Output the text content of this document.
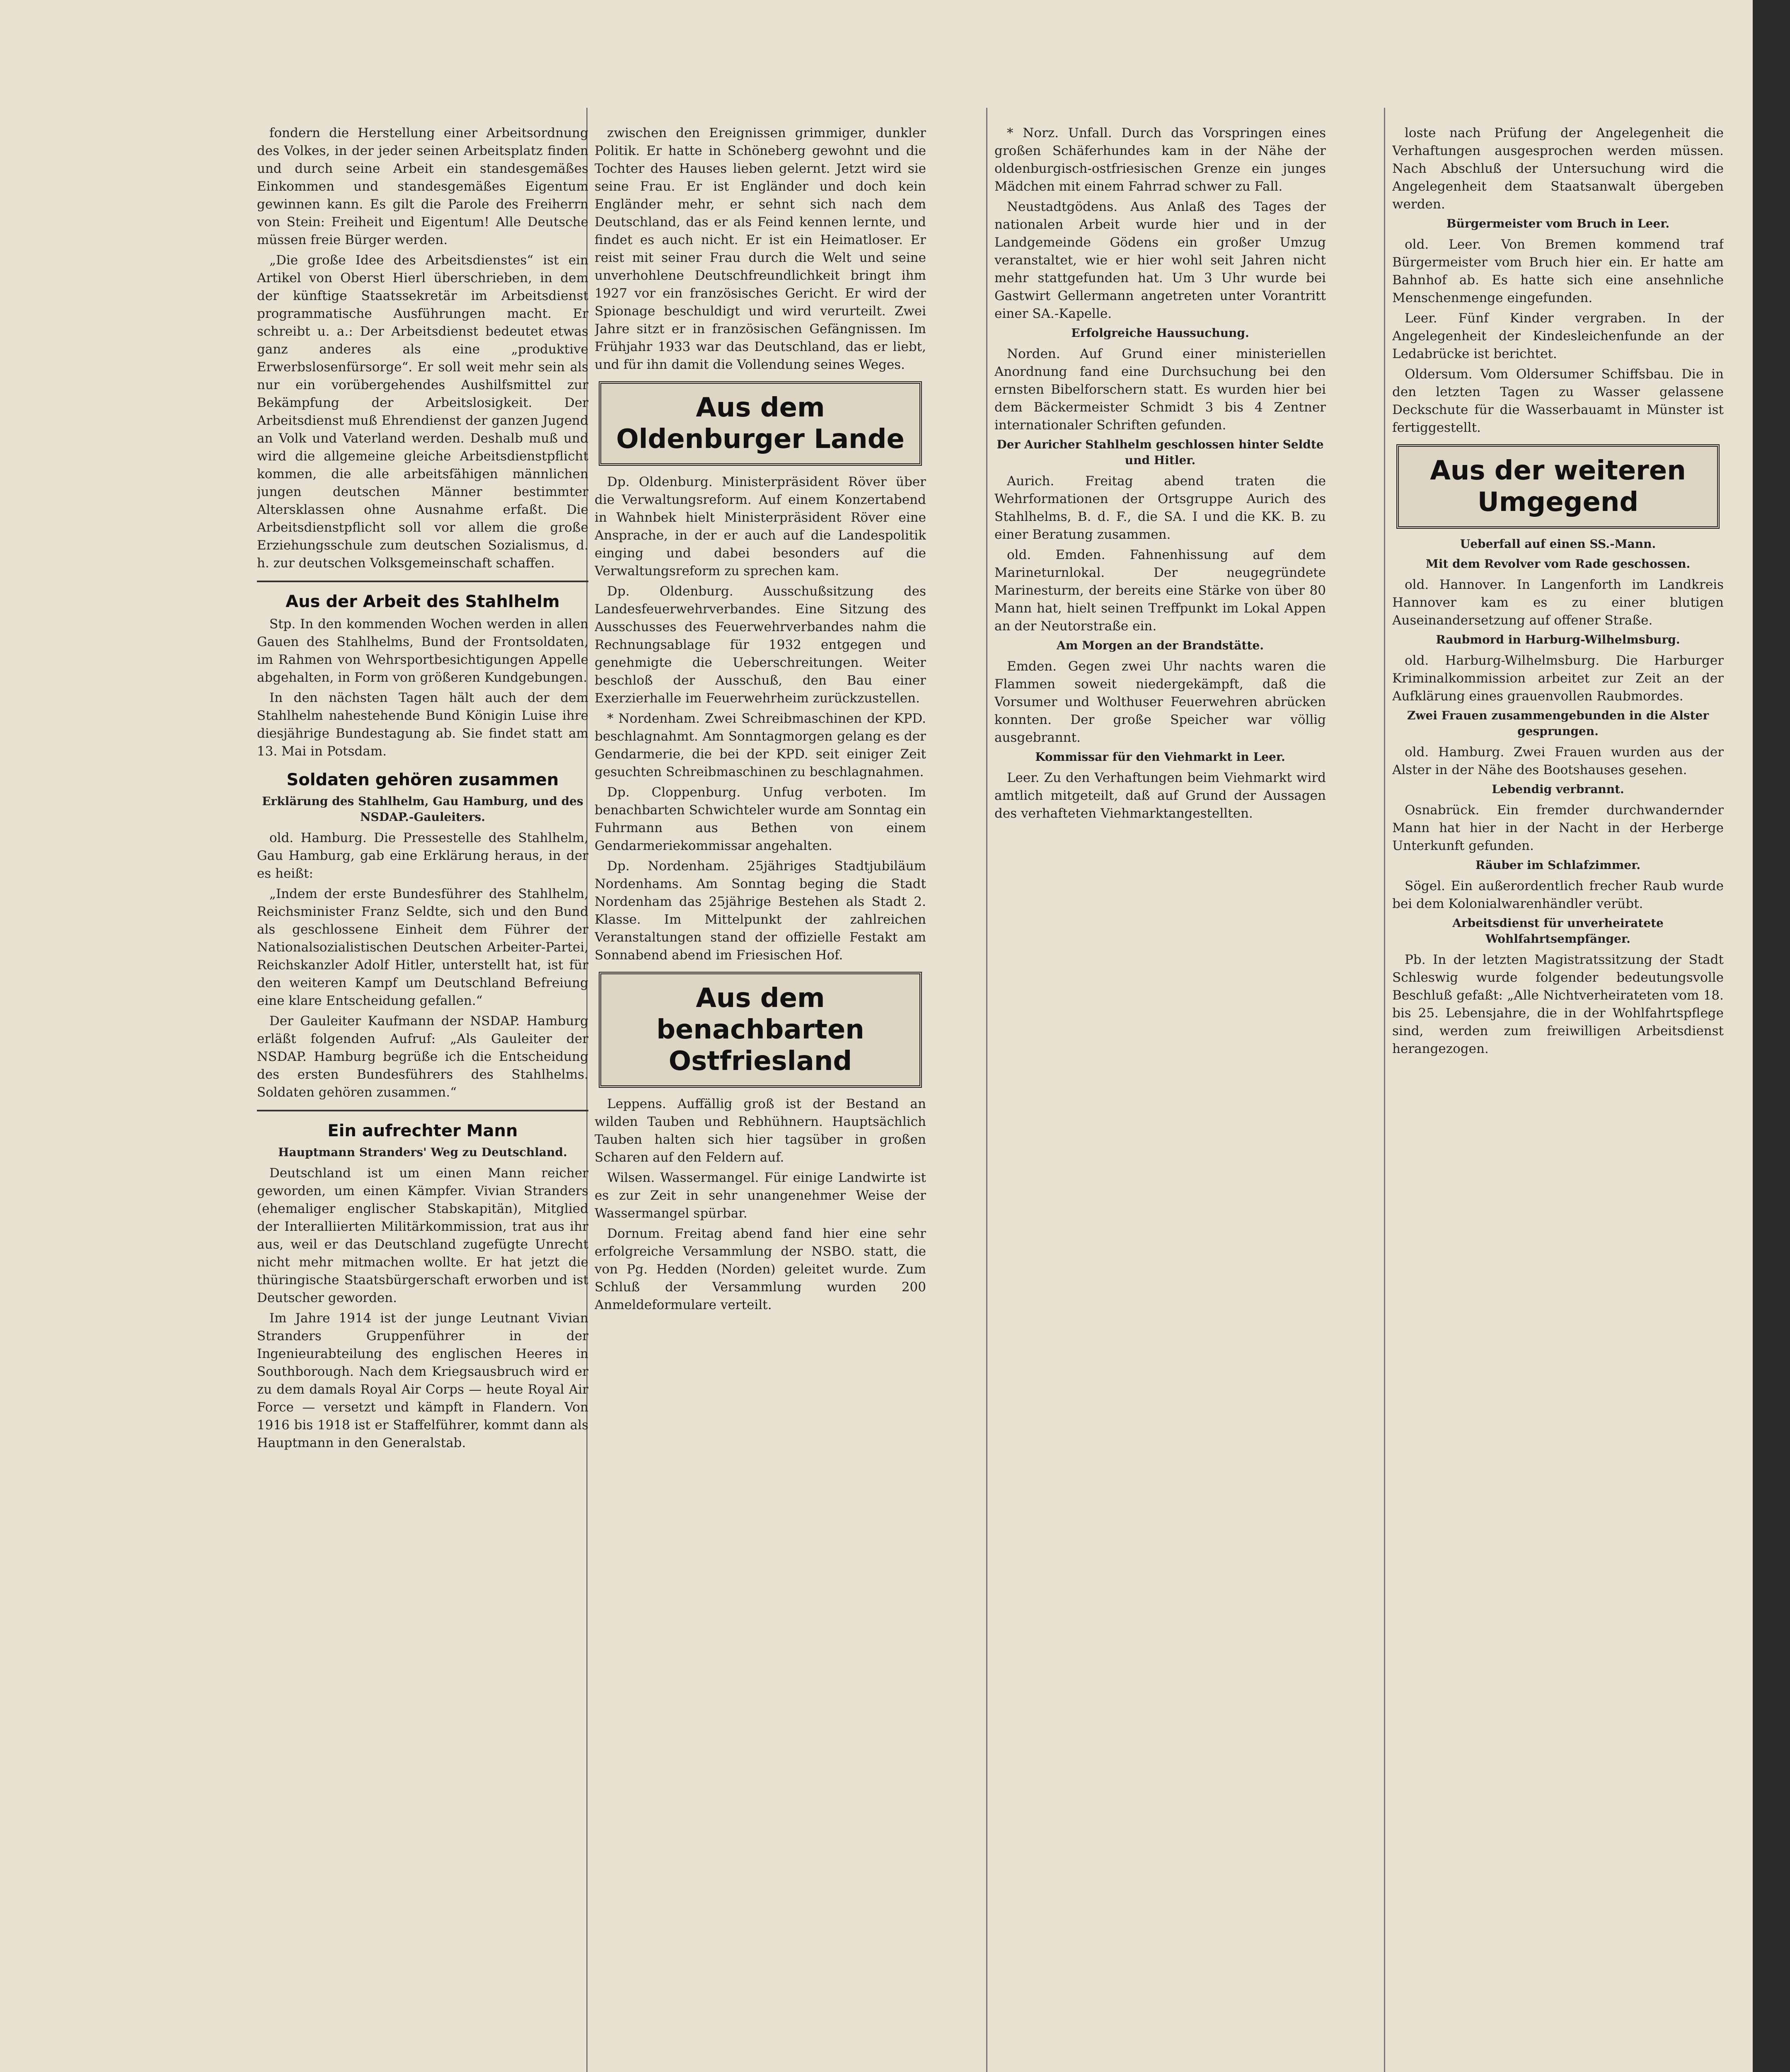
fondern die Herstellung einer Arbeitsordnung des Volkes, in der jeder seinen Arbeitsplatz finden und durch seine Arbeit ein standesgemäßes Einkommen und standesgemäßes Eigentum gewinnen kann. Es gilt die Parole des Freiherrn von Stein: Freiheit und Eigentum! Alle Deutsche müssen freie Bürger werden.

„Die große Idee des Arbeitsdienstes“ ist ein Artikel von Oberst Hierl überschrieben, in dem der künftige Staatssekretär im Arbeitsdienst programmatische Ausführungen macht. Er schreibt u. a.: Der Arbeitsdienst bedeutet etwas ganz anderes als eine „produktive Erwerbslosenfürsorge“. Er soll weit mehr sein als nur ein vorübergehendes Aushilfsmittel zur Bekämpfung der Arbeitslosigkeit. Der Arbeitsdienst muß Ehrendienst der ganzen Jugend an Volk und Vaterland werden. Deshalb muß und wird die allgemeine gleiche Arbeitsdienstpflicht kommen, die alle arbeitsfähigen männlichen jungen deutschen Männer bestimmter Altersklassen ohne Ausnahme erfaßt. Die Arbeitsdienstpflicht soll vor allem die große Erziehungsschule zum deutschen Sozialismus, d. h. zur deutschen Volksgemeinschaft schaffen.

Aus der Arbeit des Stahlhelm

Stp. In den kommenden Wochen werden in allen Gauen des Stahlhelms, Bund der Frontsoldaten, im Rahmen von Wehrsportbesichtigungen Appelle abgehalten, in Form von größeren Kundgebungen.

In den nächsten Tagen hält auch der dem Stahlhelm nahestehende Bund Königin Luise ihre diesjährige Bundestagung ab. Sie findet statt am 13. Mai in Potsdam.

Soldaten gehören zusammen
Erklärung des Stahlhelm, Gau Hamburg, und des NSDAP.-Gauleiters.

old. Hamburg. Die Pressestelle des Stahlhelm, Gau Hamburg, gab eine Erklärung heraus, in der es heißt:

„Indem der erste Bundesführer des Stahlhelm, Reichsminister Franz Seldte, sich und den Bund als geschlossene Einheit dem Führer der Nationalsozialistischen Deutschen Arbeiter-Partei, Reichskanzler Adolf Hitler, unterstellt hat, ist für den weiteren Kampf um Deutschland Befreiung eine klare Entscheidung gefallen.“

Der Gauleiter Kaufmann der NSDAP. Hamburg erläßt folgenden Aufruf: „Als Gauleiter der NSDAP. Hamburg begrüße ich die Entscheidung des ersten Bundesführers des Stahlhelms. Soldaten gehören zusammen.“

Ein aufrechter Mann
Hauptmann Stranders' Weg zu Deutschland.

Deutschland ist um einen Mann reicher geworden, um einen Kämpfer. Vivian Stranders (ehemaliger englischer Stabskapitän), Mitglied der Interalliierten Militärkommission, trat aus ihr aus, weil er das Deutschland zugefügte Unrecht nicht mehr mitmachen wollte. Er hat jetzt die thüringische Staatsbürgerschaft erworben und ist Deutscher geworden.

Im Jahre 1914 ist der junge Leutnant Vivian Stranders Gruppenführer in der Ingenieurabteilung des englischen Heeres in Southborough. Nach dem Kriegsausbruch wird er zu dem damals Royal Air Corps — heute Royal Air Force — versetzt und kämpft in Flandern. Von 1916 bis 1918 ist er Staffelführer, kommt dann als Hauptmann in den Generalstab.

zwischen den Ereignissen grimmiger, dunkler Politik. Er hatte in Schöneberg gewohnt und die Tochter des Hauses lieben gelernt. Jetzt wird sie seine Frau. Er ist Engländer und doch kein Engländer mehr, er sehnt sich nach dem Deutschland, das er als Feind kennen lernte, und findet es auch nicht. Er ist ein Heimatloser. Er reist mit seiner Frau durch die Welt und seine unverhohlene Deutschfreundlichkeit bringt ihm 1927 vor ein französisches Gericht. Er wird der Spionage beschuldigt und wird verurteilt. Zwei Jahre sitzt er in französischen Gefängnissen. Im Frühjahr 1933 war das Deutschland, das er liebt, und für ihn damit die Vollendung seines Weges.

Aus dem Oldenburger Lande

Dp. Oldenburg. Ministerpräsident Röver über die Verwaltungsreform. Auf einem Konzertabend in Wahnbek hielt Ministerpräsident Röver eine Ansprache, in der er auch auf die Landespolitik einging und dabei besonders auf die Verwaltungsreform zu sprechen kam.

Dp. Oldenburg. Ausschußsitzung des Landesfeuerwehrverbandes. Eine Sitzung des Ausschusses des Feuerwehrverbandes nahm die Rechnungsablage für 1932 entgegen und genehmigte die Ueberschreitungen. Weiter beschloß der Ausschuß, den Bau einer Exerzierhalle im Feuerwehrheim zurückzustellen.

* Nordenham. Zwei Schreibmaschinen der KPD. beschlagnahmt. Am Sonntagmorgen gelang es der Gendarmerie, die bei der KPD. seit einiger Zeit gesuchten Schreibmaschinen zu beschlagnahmen.

Dp. Cloppenburg. Unfug verboten. Im benachbarten Schwichteler wurde am Sonntag ein Fuhrmann aus Bethen von einem Gendarmeriekommissar angehalten.

Dp. Nordenham. 25jähriges Stadtjubiläum Nordenhams. Am Sonntag beging die Stadt Nordenham das 25jährige Bestehen als Stadt 2. Klasse. Im Mittelpunkt der zahlreichen Veranstaltungen stand der offizielle Festakt am Sonnabend abend im Friesischen Hof.

Aus dem benachbarten Ostfriesland

Leppens. Auffällig groß ist der Bestand an wilden Tauben und Rebhühnern. Hauptsächlich Tauben halten sich hier tagsüber in großen Scharen auf den Feldern auf.

Wilsen. Wassermangel. Für einige Landwirte ist es zur Zeit in sehr unangenehmer Weise der Wassermangel spürbar.

Dornum. Freitag abend fand hier eine sehr erfolgreiche Versammlung der NSBO. statt, die von Pg. Hedden (Norden) geleitet wurde. Zum Schluß der Versammlung wurden 200 Anmeldeformulare verteilt.

* Norz. Unfall. Durch das Vorspringen eines großen Schäferhundes kam in der Nähe der oldenburgisch-ostfriesischen Grenze ein junges Mädchen mit einem Fahrrad schwer zu Fall.

Neustadtgödens. Aus Anlaß des Tages der nationalen Arbeit wurde hier und in der Landgemeinde Gödens ein großer Umzug veranstaltet, wie er hier wohl seit Jahren nicht mehr stattgefunden hat. Um 3 Uhr wurde bei Gastwirt Gellermann angetreten unter Vorantritt einer SA.-Kapelle.

Erfolgreiche Haussuchung.

Norden. Auf Grund einer ministeriellen Anordnung fand eine Durchsuchung bei den ernsten Bibelforschern statt. Es wurden hier bei dem Bäckermeister Schmidt 3 bis 4 Zentner internationaler Schriften gefunden.

Der Auricher Stahlhelm geschlossen hinter Seldte und Hitler.

Aurich. Freitag abend traten die Wehrformationen der Ortsgruppe Aurich des Stahlhelms, B. d. F., die SA. I und die KK. B. zu einer Beratung zusammen.

old. Emden. Fahnenhissung auf dem Marineturnlokal. Der neugegründete Marinesturm, der bereits eine Stärke von über 80 Mann hat, hielt seinen Treffpunkt im Lokal Appen an der Neutorstraße ein.

Am Morgen an der Brandstätte.

Emden. Gegen zwei Uhr nachts waren die Flammen soweit niedergekämpft, daß die Vorsumer und Wolthuser Feuerwehren abrücken konnten. Der große Speicher war völlig ausgebrannt.

Kommissar für den Viehmarkt in Leer.

Leer. Zu den Verhaftungen beim Viehmarkt wird amtlich mitgeteilt, daß auf Grund der Aussagen des verhafteten Viehmarktangestellten.

loste nach Prüfung der Angelegenheit die Verhaftungen ausgesprochen werden müssen. Nach Abschluß der Untersuchung wird die Angelegenheit dem Staatsanwalt übergeben werden.

Bürgermeister vom Bruch in Leer.

old. Leer. Von Bremen kommend traf Bürgermeister vom Bruch hier ein. Er hatte am Bahnhof ab. Es hatte sich eine ansehnliche Menschenmenge eingefunden.

Leer. Fünf Kinder vergraben. In der Angelegenheit der Kindesleichenfunde an der Ledabrücke ist berichtet.

Oldersum. Vom Oldersumer Schiffsbau. Die in den letzten Tagen zu Wasser gelassene Deckschute für die Wasserbauamt in Münster ist fertiggestellt.

Aus der weiteren Umgegend
Ueberfall auf einen SS.-Mann.
Mit dem Revolver vom Rade geschossen.

old. Hannover. In Langenforth im Landkreis Hannover kam es zu einer blutigen Auseinandersetzung auf offener Straße.

Raubmord in Harburg-Wilhelmsburg.

old. Harburg-Wilhelmsburg. Die Harburger Kriminalkommission arbeitet zur Zeit an der Aufklärung eines grauenvollen Raubmordes.

Zwei Frauen zusammengebunden in die Alster gesprungen.

old. Hamburg. Zwei Frauen wurden aus der Alster in der Nähe des Bootshauses gesehen.

Lebendig verbrannt.

Osnabrück. Ein fremder durchwandernder Mann hat hier in der Nacht in der Herberge Unterkunft gefunden.

Räuber im Schlafzimmer.

Sögel. Ein außerordentlich frecher Raub wurde bei dem Kolonialwarenhändler verübt.

Arbeitsdienst für unverheiratete Wohlfahrtsempfänger.

Pb. In der letzten Magistratssitzung der Stadt Schleswig wurde folgender bedeutungsvolle Beschluß gefaßt: „Alle Nichtverheirateten vom 18. bis 25. Lebensjahre, die in der Wohlfahrtspflege sind, werden zum freiwilligen Arbeitsdienst herangezogen.
